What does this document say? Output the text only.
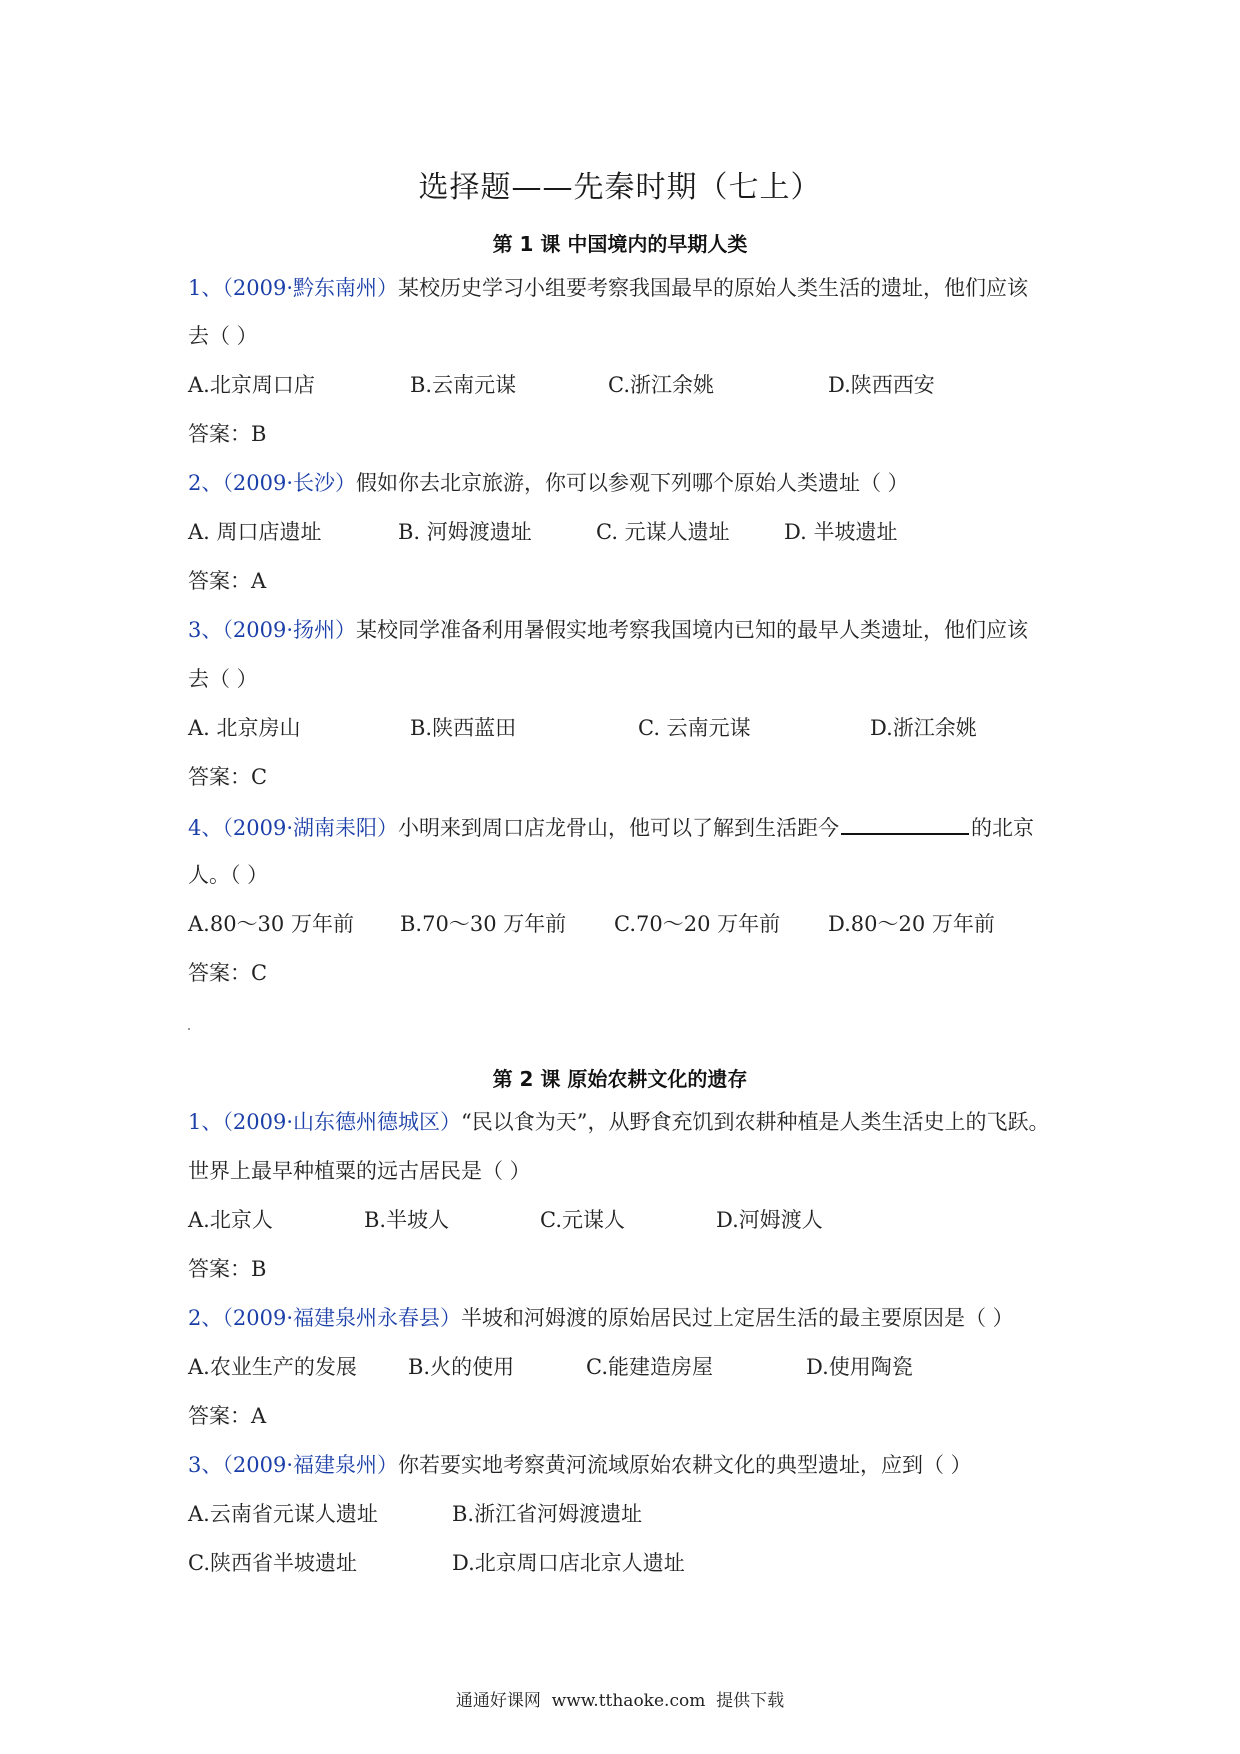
选择题——先秦时期（七上）
第 1 课 中国境内的早期人类
1、（2009·黔东南州）某校历史学习小组要考察我国最早的原始人类生活的遗址，他们应该
去（ ）
A.北京周口店	B.云南元谋	C.浙江余姚	D.陕西西安
答案：B
2、（2009·长沙）假如你去北京旅游，你可以参观下列哪个原始人类遗址（ ）
A. 周口店遗址	B. 河姆渡遗址	C. 元谋人遗址	D. 半坡遗址
答案：A
3、（2009·扬州）某校同学准备利用暑假实地考察我国境内已知的最早人类遗址，他们应该
去（ ）
A. 北京房山	B.陕西蓝田	C. 云南元谋	D.浙江余姚
答案：C
4、（2009·湖南耒阳）小明来到周口店龙骨山，他可以了解到生活距今	的北京
人。（ ）
A.80～30 万年前 B.70～30 万年前 C.70～20 万年前 D.80～20 万年前
答案：C
第 2 课 原始农耕文化的遗存
1、（2009·山东德州德城区）“民以食为天”，从野食充饥到农耕种植是人类生活史上的飞跃。
世界上最早种植粟的远古居民是（ ）
A.北京人	B.半坡人	C.元谋人	D.河姆渡人
答案：B
2、（2009·福建泉州永春县）半坡和河姆渡的原始居民过上定居生活的最主要原因是（ ）
A.农业生产的发展 B.火的使用	C.能建造房屋	D.使用陶瓷
答案：A
3、（2009·福建泉州）你若要实地考察黄河流域原始农耕文化的典型遗址，应到（ ）
A.云南省元谋人遗址	B.浙江省河姆渡遗址
C.陕西省半坡遗址	D.北京周口店北京人遗址
通通好课网 www.tthaoke.com 提供下载
